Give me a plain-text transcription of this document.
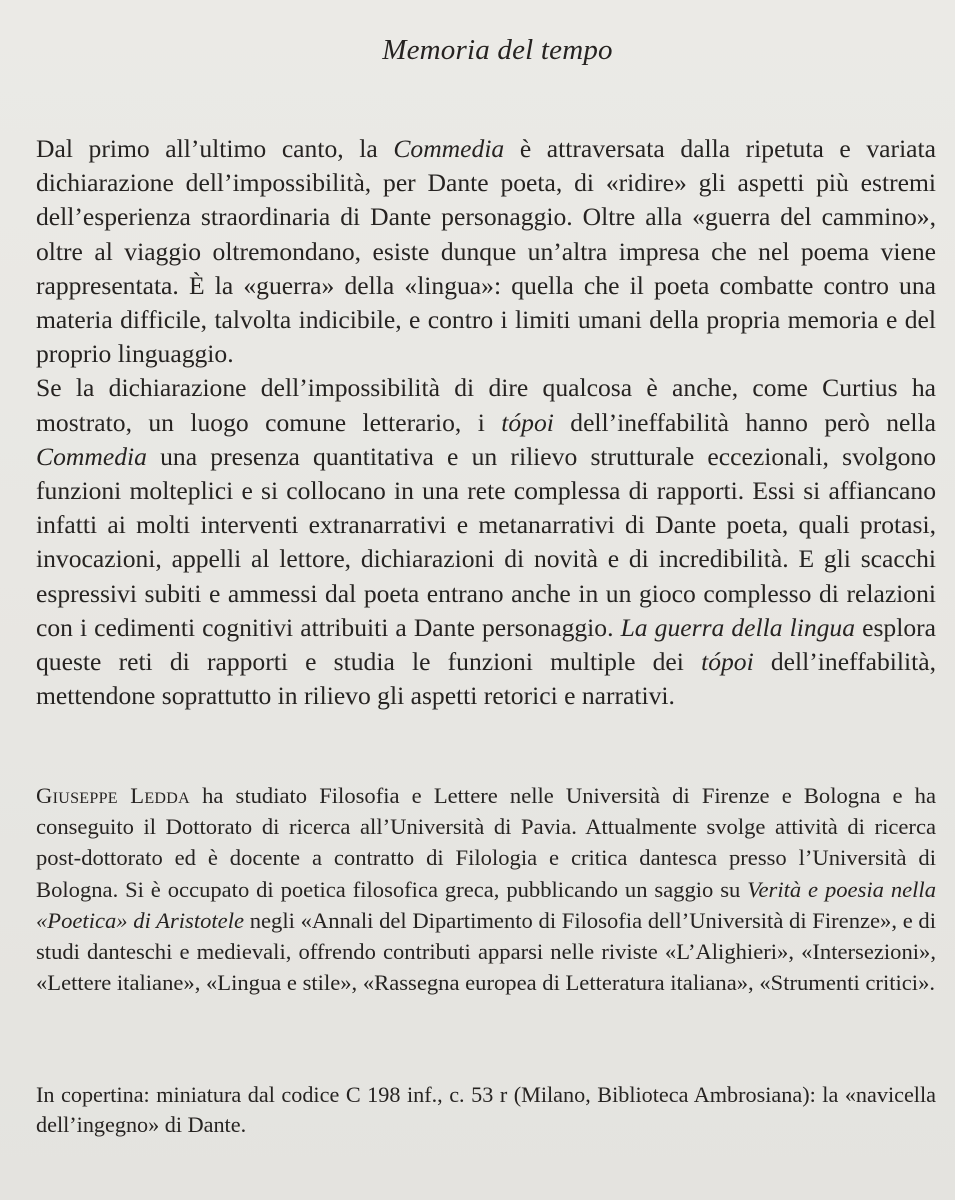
Memoria del tempo

Dal primo all’ultimo canto, la Commedia è attraversata dalla ripetuta e variata dichiarazione dell’impossibilità, per Dante poeta, di «ridire» gli aspetti più estremi dell’esperienza straordinaria di Dante personaggio. Oltre alla «guerra del cammino», oltre al viaggio oltremondano, esiste dunque un’altra impresa che nel poema viene rappresentata. È la «guerra» della «lingua»: quella che il poeta combatte contro una materia difficile, talvolta indicibile, e contro i limiti umani della propria memoria e del proprio linguaggio.

Se la dichiarazione dell’impossibilità di dire qualcosa è anche, come Curtius ha mostrato, un luogo comune letterario, i tópoi dell’ineffabilità hanno però nella Commedia una presenza quantitativa e un rilievo strutturale eccezionali, svolgono funzioni molteplici e si collocano in una rete complessa di rapporti. Essi si affiancano infatti ai molti interventi extranarrativi e metanarrativi di Dante poeta, quali protasi, invocazioni, appelli al lettore, dichiarazioni di novità e di incredibilità. E gli scacchi espressivi subiti e ammessi dal poeta entrano anche in un gioco complesso di relazioni con i cedimenti cognitivi attribuiti a Dante personaggio. La guerra della lingua esplora queste reti di rapporti e studia le funzioni multiple dei tópoi dell’ineffabilità, mettendone soprattutto in rilievo gli aspetti retorici e narrativi.

Giuseppe Ledda ha studiato Filosofia e Lettere nelle Università di Firenze e Bologna e ha conseguito il Dottorato di ricerca all’Università di Pavia. Attualmente svolge attività di ricerca post-dottorato ed è docente a contratto di Filologia e critica dantesca presso l’Università di Bologna. Si è occupato di poetica filosofica greca, pubblicando un saggio su Verità e poesia nella «Poetica» di Aristotele negli «Annali del Dipartimento di Filosofia dell’Università di Firenze», e di studi danteschi e medievali, offrendo contributi apparsi nelle riviste «L’Alighieri», «Intersezioni», «Lettere italiane», «Lingua e stile», «Rassegna europea di Letteratura italiana», «Strumenti critici».

In copertina: miniatura dal codice C 198 inf., c. 53 r (Milano, Biblioteca Ambrosiana): la «navicella dell’ingegno» di Dante.
